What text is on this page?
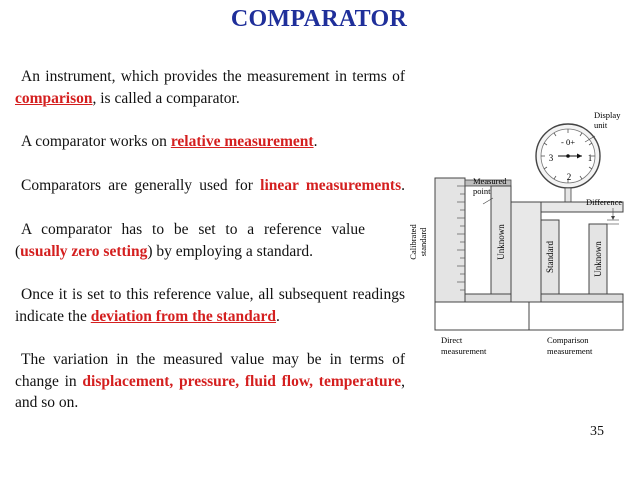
COMPARATOR

An instrument, which provides the measurement in terms of comparison, is called a comparator.

A comparator works on relative measurement.

Comparators are generally used for linear measurements.

A comparator has to be set to a reference value (usually zero setting) by employing a standard.

Once it is set to this reference value, all subsequent readings indicate the deviation from the standard.

The variation in the measured value may be in terms of change in displacement, pressure, fluid flow, temperature, and so on.

- 0+
3	1
2
Display
unit
Calibrated standard	Unknown
Measured
point
Standard	Unknown
Difference
Direct
measurement
Comparison
measurement
35
